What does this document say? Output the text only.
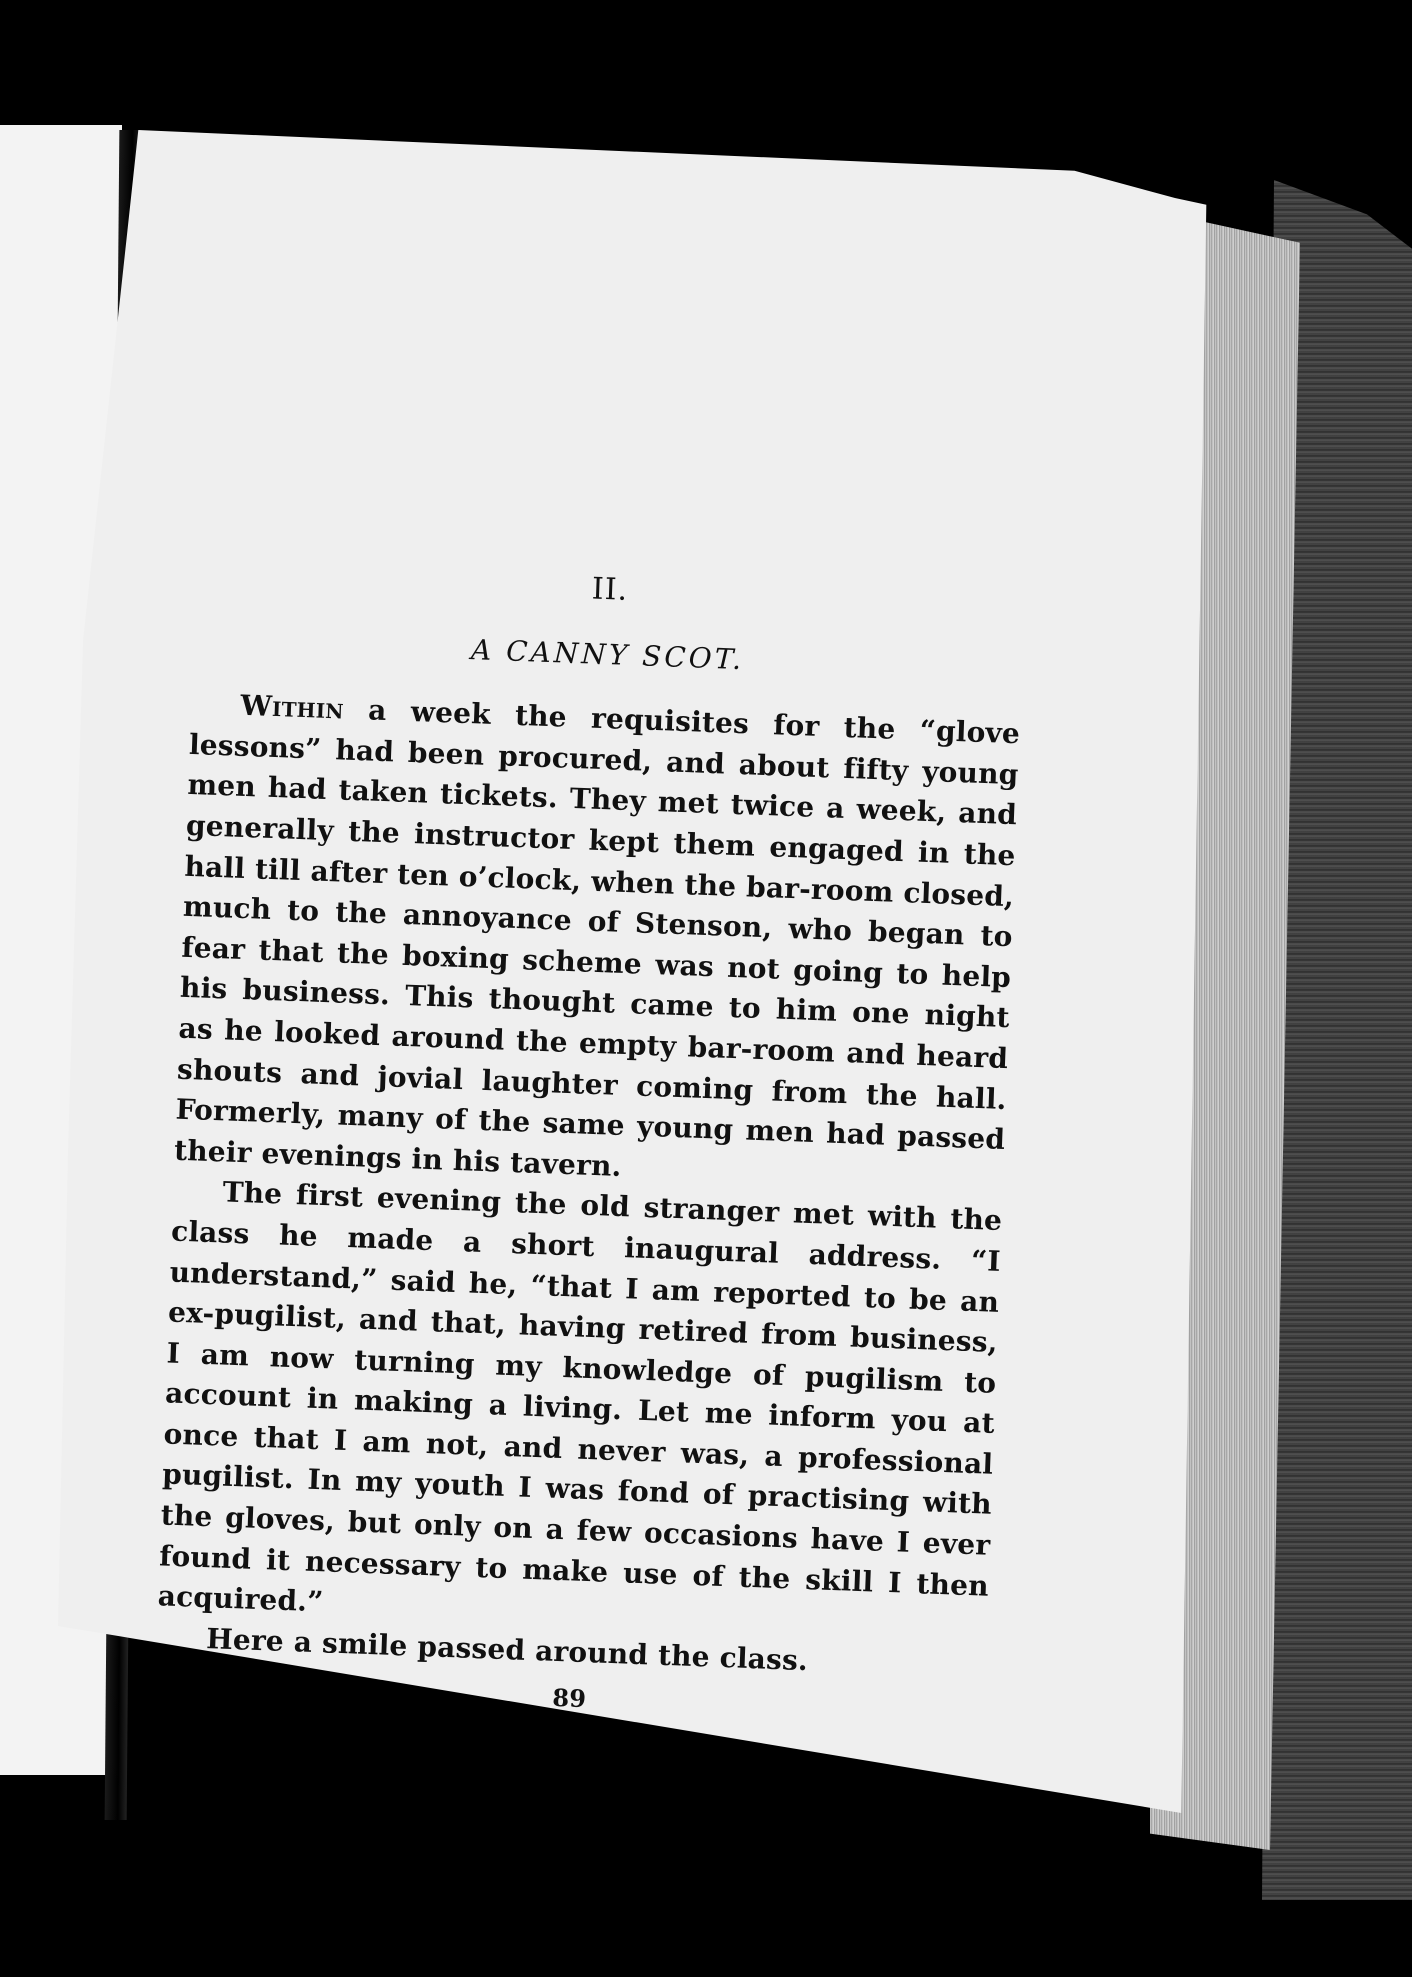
II.
A CANNY SCOT.

Within a week the requisites for the “glove lessons” had been procured, and about fifty young men had taken tickets. They met twice a week, and generally the instructor kept them engaged in the hall till after ten o’clock, when the bar-room closed, much to the annoyance of Stenson, who began to fear that the boxing scheme was not going to help his business. This thought came to him one night as he looked around the empty bar-room and heard shouts and jovial laughter coming from the hall. Formerly, many of the same young men had passed their evenings in his tavern.

The first evening the old stranger met with the class he made a short inaugural address. “I understand,” said he, “that I am reported to be an ex-pugilist, and that, having retired from business, I am now turning my knowledge of pugilism to account in making a living. Let me inform you at once that I am not, and never was, a professional pugilist. In my youth I was fond of practising with the gloves, but only on a few occasions have I ever found it necessary to make use of the skill I then acquired.”

Here a smile passed around the class.

89
